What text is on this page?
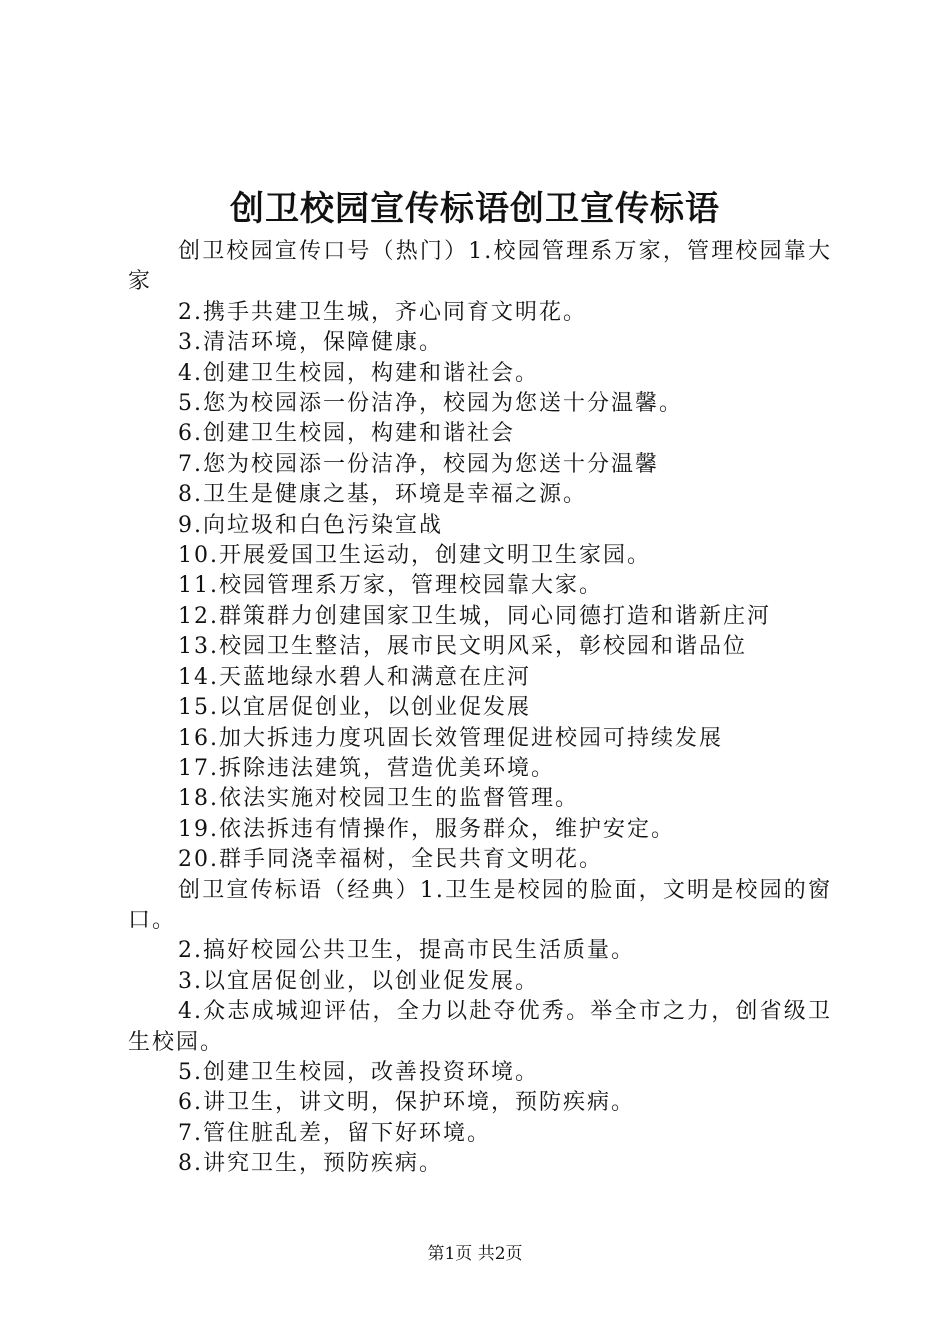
创卫校园宣传标语创卫宣传标语

创卫校园宣传口号（热门）1.校园管理系万家，管理校园靠大家

2.携手共建卫生城，齐心同育文明花。

3.清洁环境，保障健康。

4.创建卫生校园，构建和谐社会。

5.您为校园添一份洁净，校园为您送十分温馨。

6.创建卫生校园，构建和谐社会

7.您为校园添一份洁净，校园为您送十分温馨

8.卫生是健康之基，环境是幸福之源。

9.向垃圾和白色污染宣战

10.开展爱国卫生运动，创建文明卫生家园。

11.校园管理系万家，管理校园靠大家。

12.群策群力创建国家卫生城，同心同德打造和谐新庄河

13.校园卫生整洁，展市民文明风采，彰校园和谐品位

14.天蓝地绿水碧人和满意在庄河

15.以宜居促创业，以创业促发展

16.加大拆违力度巩固长效管理促进校园可持续发展

17.拆除违法建筑，营造优美环境。

18.依法实施对校园卫生的监督管理。

19.依法拆违有情操作，服务群众，维护安定。

20.群手同浇幸福树，全民共育文明花。

创卫宣传标语（经典）1.卫生是校园的脸面，文明是校园的窗口。

2.搞好校园公共卫生，提高市民生活质量。

3.以宜居促创业，以创业促发展。

4.众志成城迎评估，全力以赴夺优秀。举全市之力，创省级卫生校园。

5.创建卫生校园，改善投资环境。

6.讲卫生，讲文明，保护环境，预防疾病。

7.管住脏乱差，留下好环境。

8.讲究卫生，预防疾病。

第1页 共2页
